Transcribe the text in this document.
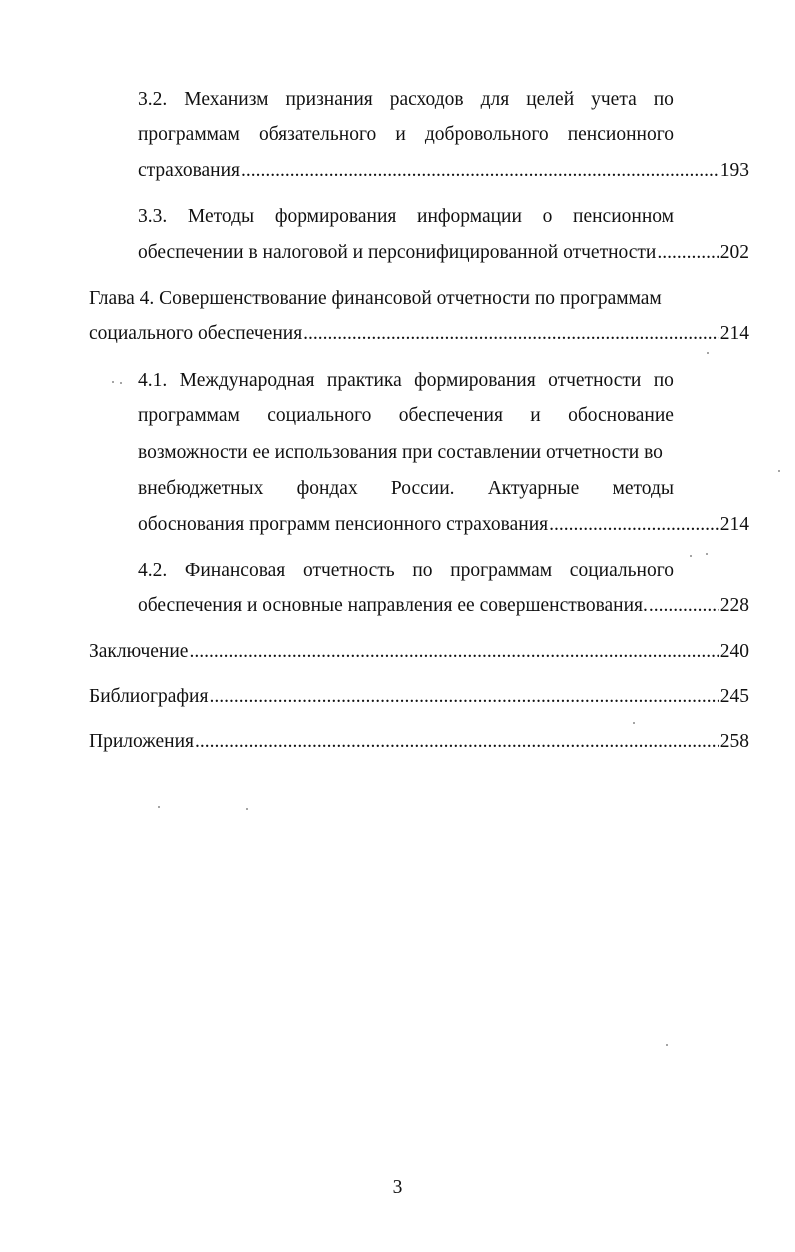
3.2. Механизм признания расходов для целей учета по
программам обязательного и добровольного пенсионного
страхования .....	193
3.3. Методы формирования информации о пенсионном
обеспечении в налоговой и персонифицированной отчетности .....	202
Глава 4. Совершенствование финансовой отчетности по программам
социального обеспечения .....	214
4.1. Международная практика формирования отчетности по
программам социального обеспечения и обоснование
возможности ее использования при составлении отчетности во
внебюджетных фондах России. Актуарные методы
обоснования программ пенсионного страхования .....	214
4.2. Финансовая отчетность по программам социального
обеспечения и основные направления ее совершенствования. .....	228
Заключение .....	240
Библиография .....	245
Приложения .....	258
3
